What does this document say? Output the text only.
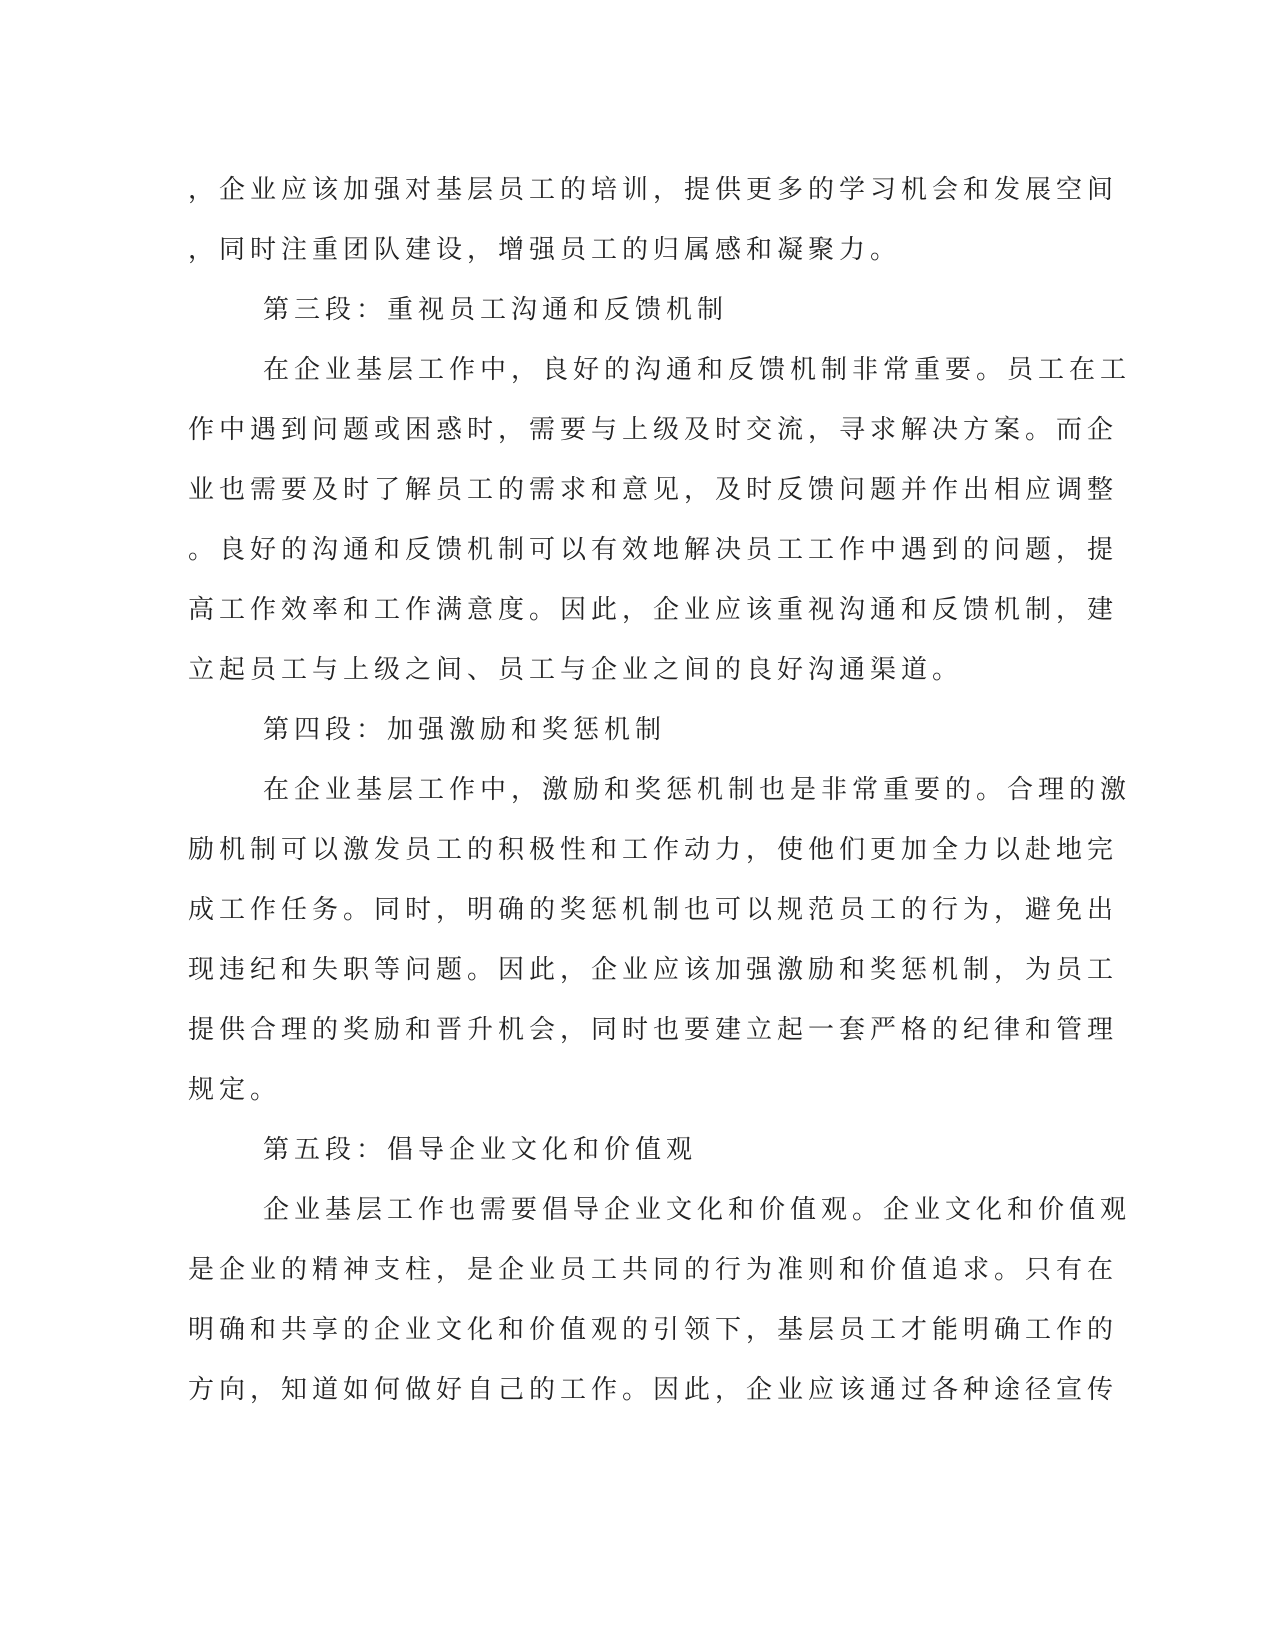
，企业应该加强对基层员工的培训，提供更多的学习机会和发展空间
，同时注重团队建设，增强员工的归属感和凝聚力。
第三段：重视员工沟通和反馈机制
在企业基层工作中，良好的沟通和反馈机制非常重要。员工在工
作中遇到问题或困惑时，需要与上级及时交流，寻求解决方案。而企
业也需要及时了解员工的需求和意见，及时反馈问题并作出相应调整
。良好的沟通和反馈机制可以有效地解决员工工作中遇到的问题，提
高工作效率和工作满意度。因此，企业应该重视沟通和反馈机制，建
立起员工与上级之间、员工与企业之间的良好沟通渠道。
第四段：加强激励和奖惩机制
在企业基层工作中，激励和奖惩机制也是非常重要的。合理的激
励机制可以激发员工的积极性和工作动力，使他们更加全力以赴地完
成工作任务。同时，明确的奖惩机制也可以规范员工的行为，避免出
现违纪和失职等问题。因此，企业应该加强激励和奖惩机制，为员工
提供合理的奖励和晋升机会，同时也要建立起一套严格的纪律和管理
规定。
第五段：倡导企业文化和价值观
企业基层工作也需要倡导企业文化和价值观。企业文化和价值观
是企业的精神支柱，是企业员工共同的行为准则和价值追求。只有在
明确和共享的企业文化和价值观的引领下，基层员工才能明确工作的
方向，知道如何做好自己的工作。因此，企业应该通过各种途径宣传
